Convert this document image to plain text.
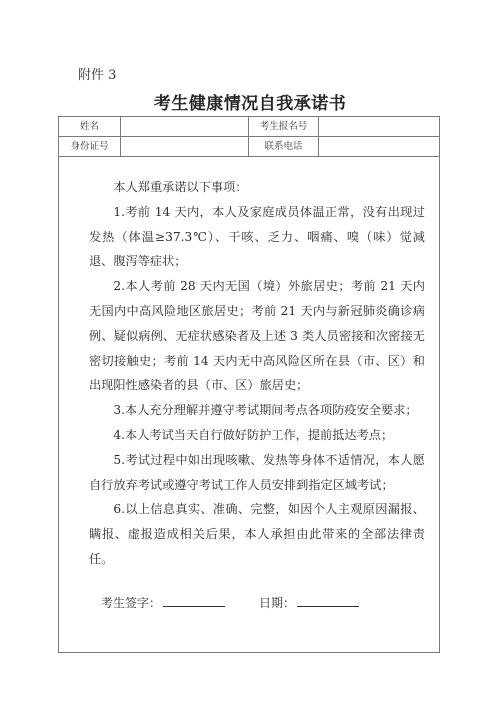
附件 3
考生健康情况自我承诺书
姓名	考生报名号
身份证号	联系电话

本人郑重承诺以下事项：

1.考前 14 天内，本人及家庭成员体温正常，没有出现过发热（体温≥37.3℃）、干咳、乏力、咽痛、嗅（味）觉减退、腹泻等症状；

2.本人考前 28 天内无国（境）外旅居史；考前 21 天内无国内中高风险地区旅居史；考前 21 天内与新冠肺炎确诊病例、疑似病例、无症状感染者及上述 3 类人员密接和次密接无密切接触史；考前 14 天内无中高风险区所在县（市、区）和出现阳性感染者的县（市、区）旅居史；

3.本人充分理解并遵守考试期间考点各项防疫安全要求；

4.本人考试当天自行做好防护工作，提前抵达考点；

5.考试过程中如出现咳嗽、发热等身体不适情况，本人愿自行放弃考试或遵守考试工作人员安排到指定区域考试；

6.以上信息真实、准确、完整，如因个人主观原因漏报、瞒报、虚报造成相关后果，本人承担由此带来的全部法律责任。

考生签字：	日期：
